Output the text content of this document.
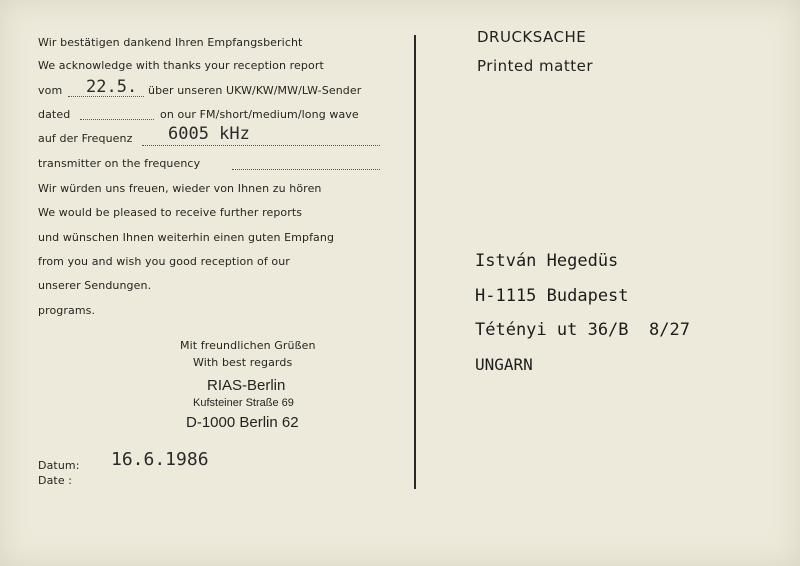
Wir bestätigen dankend Ihren Empfangsbericht
We acknowledge with thanks your reception report
vom 22.5. über unseren UKW/KW/MW/LW-Sender
dated	on our FM/short/medium/long wave
auf der Frequenz 6005 kHz
transmitter on the frequency
Wir würden uns freuen, wieder von Ihnen zu hören
We would be pleased to receive further reports
und wünschen Ihnen weiterhin einen guten Empfang
from you and wish you good reception of our
unserer Sendungen.
programs.
Mit freundlichen Grüßen
With best regards
RIAS-Berlin
Kufsteiner Straße 69
D-1000 Berlin 62
Datum:
Date :
16.6.1986
DRUCKSACHE
Printed matter
István Hegedüs
H-1115 Budapest
Tétényi ut 36/B  8/27
UNGARN
